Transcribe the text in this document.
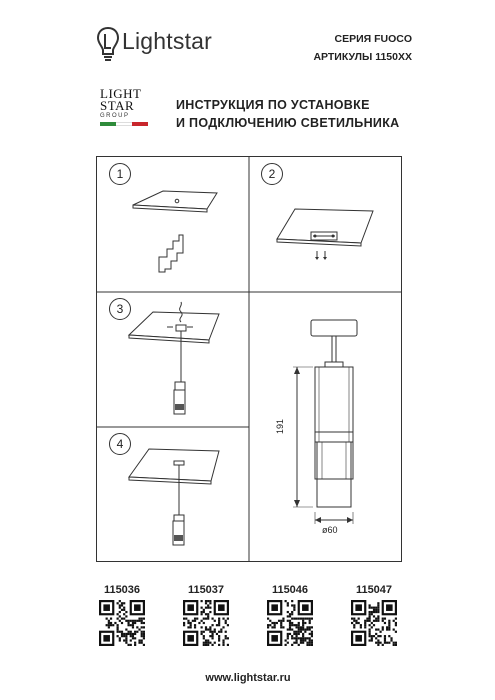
Lightstar	СЕРИЯ FUOCO
АРТИКУЛЫ 1150XX
LIGHT
STAR
GROUP
ИНСТРУКЦИЯ ПО УСТАНОВКЕ
И ПОДКЛЮЧЕНИЮ СВЕТИЛЬНИКА
1	2
3
4
191
ø60
115036	115037	115046	115047
www.lightstar.ru
